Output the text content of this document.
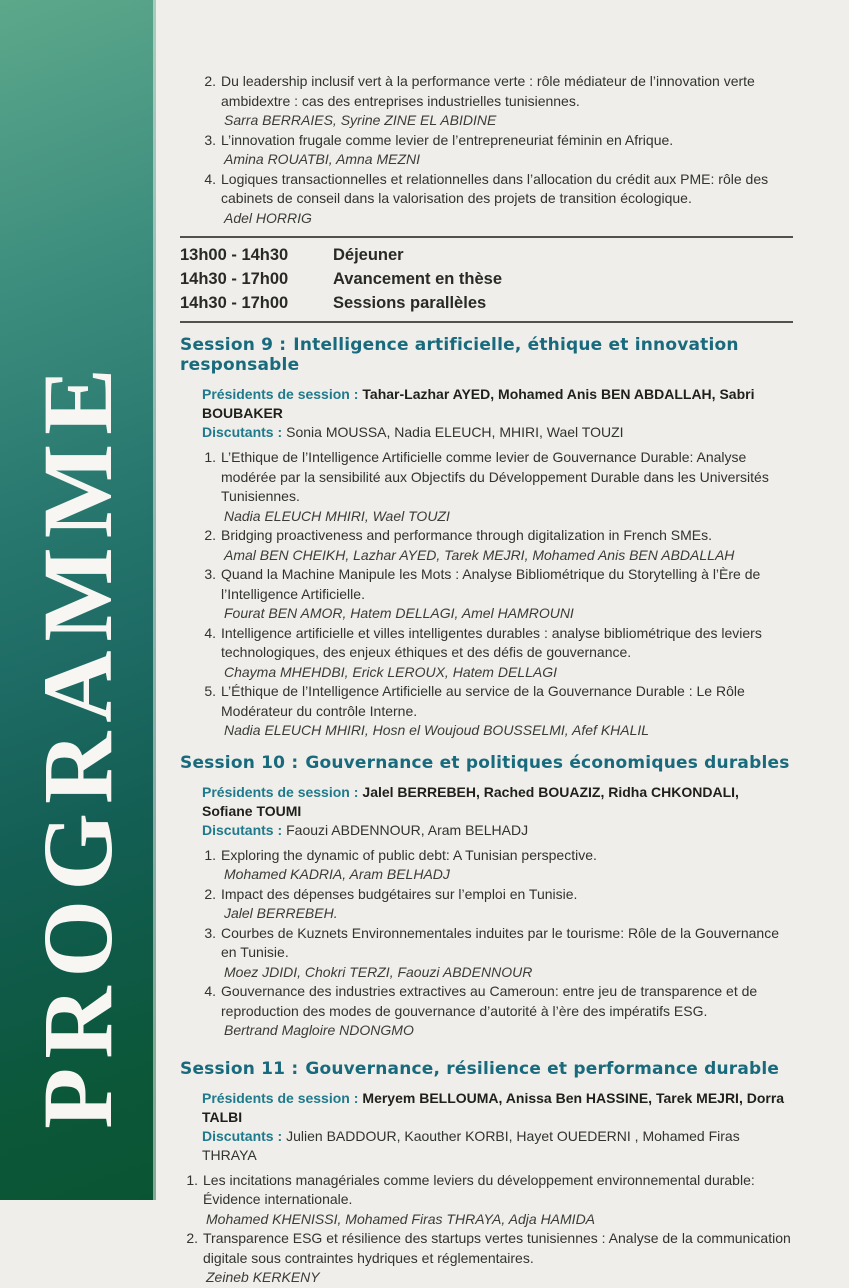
PROGRAMME
2. Du leadership inclusif vert à la performance verte : rôle médiateur de l’innovation verte ambidextre : cas des entreprises industrielles tunisiennes.
Sarra BERRAIES, Syrine ZINE EL ABIDINE
3. L’innovation frugale comme levier de l’entrepreneuriat féminin en Afrique.
Amina ROUATBI, Amna MEZNI
4. Logiques transactionnelles et relationnelles dans l’allocation du crédit aux PME: rôle des cabinets de conseil dans la valorisation des projets de transition écologique.
Adel HORRIG
13h00 - 14h30	Déjeuner
14h30 - 17h00	Avancement en thèse
14h30 - 17h00	Sessions parallèles
Session 9 : Intelligence artificielle, éthique et innovation responsable
Présidents de session : Tahar-Lazhar AYED, Mohamed Anis BEN ABDALLAH, Sabri BOUBAKER
Discutants : Sonia MOUSSA, Nadia ELEUCH, MHIRI, Wael TOUZI
1. L’Ethique de l’Intelligence Artificielle comme levier de Gouvernance Durable: Analyse modérée par la sensibilité aux Objectifs du Développement Durable dans les Universités Tunisiennes.
Nadia ELEUCH MHIRI, Wael TOUZI
2. Bridging proactiveness and performance through digitalization in French SMEs.
Amal BEN CHEIKH, Lazhar AYED, Tarek MEJRI, Mohamed Anis BEN ABDALLAH
3. Quand la Machine Manipule les Mots : Analyse Bibliométrique du Storytelling à l’Ère de l’Intelligence Artificielle.
Fourat BEN AMOR, Hatem DELLAGI, Amel HAMROUNI
4. Intelligence artificielle et villes intelligentes durables : analyse bibliométrique des leviers technologiques, des enjeux éthiques et des défis de gouvernance.
Chayma MHEHDBI, Erick LEROUX, Hatem DELLAGI
5. L’Éthique de l’Intelligence Artificielle au service de la Gouvernance Durable : Le Rôle Modérateur du contrôle Interne.
Nadia ELEUCH MHIRI, Hosn el Woujoud BOUSSELMI, Afef KHALIL
Session 10 : Gouvernance et politiques économiques durables
Présidents de session : Jalel BERREBEH, Rached BOUAZIZ, Ridha CHKONDALI, Sofiane TOUMI
Discutants : Faouzi ABDENNOUR, Aram BELHADJ
1. Exploring the dynamic of public debt: A Tunisian perspective.
Mohamed KADRIA, Aram BELHADJ
2. Impact des dépenses budgétaires sur l’emploi en Tunisie.
Jalel BERREBEH.
3. Courbes de Kuznets Environnementales induites par le tourisme: Rôle de la Gouvernance en Tunisie.
Moez JDIDI, Chokri TERZI, Faouzi ABDENNOUR
4. Gouvernance des industries extractives au Cameroun: entre jeu de transparence et de reproduction des modes de gouvernance d’autorité à l’ère des impératifs ESG.
Bertrand Magloire NDONGMO
Session 11 : Gouvernance, résilience et performance durable
Présidents de session : Meryem BELLOUMA, Anissa Ben HASSINE, Tarek MEJRI, Dorra TALBI
Discutants : Julien BADDOUR, Kaouther KORBI, Hayet OUEDERNI , Mohamed Firas THRAYA
1. Les incitations managériales comme leviers du développement environnemental durable: Évidence internationale.
Mohamed KHENISSI, Mohamed Firas THRAYA, Adja HAMIDA
2. Transparence ESG et résilience des startups vertes tunisiennes : Analyse de la communication digitale sous contraintes hydriques et réglementaires.
Zeineb KERKENY
